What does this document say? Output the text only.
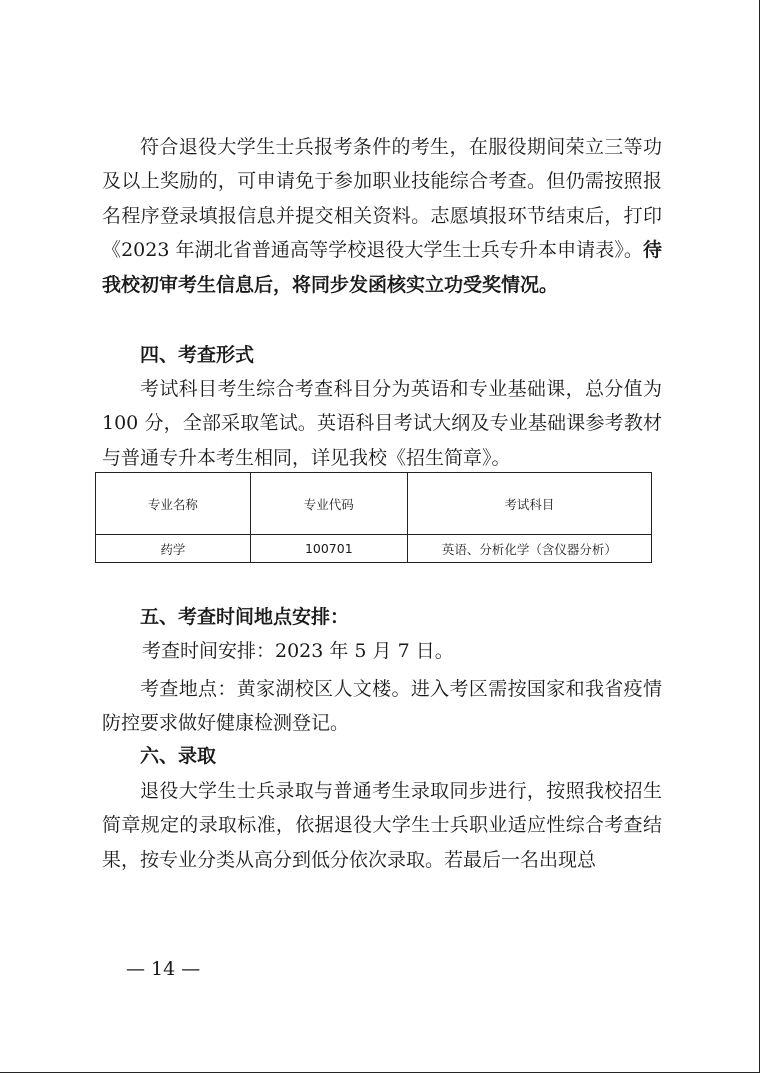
符合退役大学生士兵报考条件的考生，在服役期间荣立三等功及以上奖励的，可申请免于参加职业技能综合考查。但仍需按照报名程序登录填报信息并提交相关资料。志愿填报环节结束后，打印《2023 年湖北省普通高等学校退役大学生士兵专升本申请表》。待我校初审考生信息后，将同步发函核实立功受奖情况。

四、考查形式

考试科目考生综合考查科目分为英语和专业基础课，总分值为 100 分，全部采取笔试。英语科目考试大纲及专业基础课参考教材与普通专升本考生相同，详见我校《招生简章》。

专业名称	专业代码	考试科目
药学	100701	英语、分析化学（含仪器分析）

五、考查时间地点安排：

考查时间安排：2023 年 5 月 7 日。

考查地点：黄家湖校区人文楼。进入考区需按国家和我省疫情防控要求做好健康检测登记。

六、录取

退役大学生士兵录取与普通考生录取同步进行，按照我校招生简章规定的录取标准，依据退役大学生士兵职业适应性综合考查结果，按专业分类从高分到低分依次录取。若最后一名出现总

— 14 —
